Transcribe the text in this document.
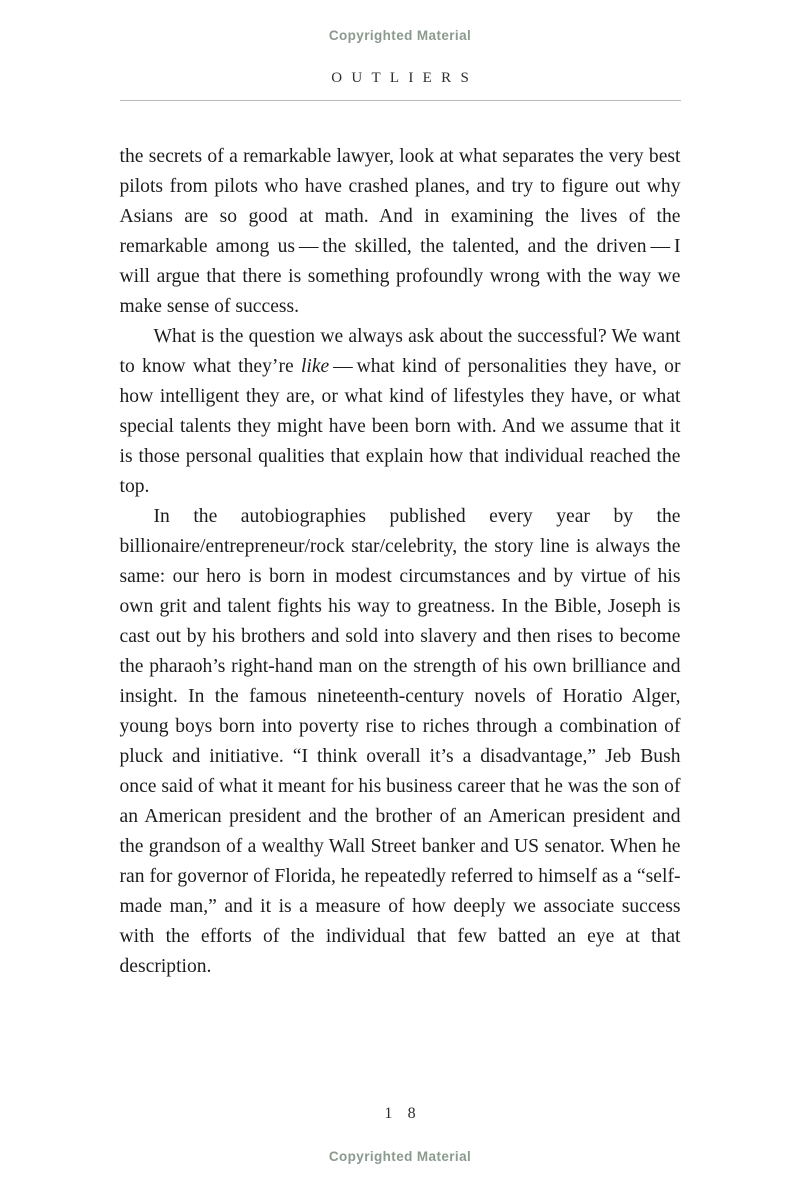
Copyrighted Material
OUTLIERS

the secrets of a remarkable lawyer, look at what separates the very best pilots from pilots who have crashed planes, and try to figure out why Asians are so good at math. And in examining the lives of the remarkable among us — the skilled, the talented, and the driven — I will argue that there is something profoundly wrong with the way we make sense of success.

What is the question we always ask about the successful? We want to know what they’re like — what kind of personalities they have, or how intelligent they are, or what kind of lifestyles they have, or what special talents they might have been born with. And we assume that it is those personal qualities that explain how that individual reached the top.

In the autobiographies published every year by the billionaire/entrepreneur/rock star/celebrity, the story line is always the same: our hero is born in modest circumstances and by virtue of his own grit and talent fights his way to greatness. In the Bible, Joseph is cast out by his brothers and sold into slavery and then rises to become the pharaoh’s right-hand man on the strength of his own brilliance and insight. In the famous nineteenth-century novels of Horatio Alger, young boys born into poverty rise to riches through a combination of pluck and initiative. “I think overall it’s a disadvantage,” Jeb Bush once said of what it meant for his business career that he was the son of an American president and the brother of an American president and the grandson of a wealthy Wall Street banker and US senator. When he ran for governor of Florida, he repeatedly referred to himself as a “self-made man,” and it is a measure of how deeply we associate success with the efforts of the individual that few batted an eye at that description.

1 8
Copyrighted Material
